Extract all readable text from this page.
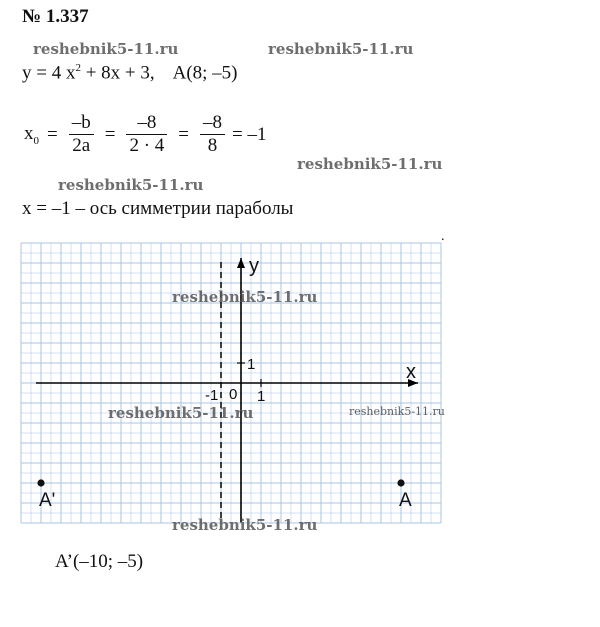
№ 1.337
reshebnik5-11.ru	reshebnik5-11.ru
y = 4 $x^2 + 8x + 3$,    A(8; –5)
$x_0 = \frac{-b}{2a} = \frac{-8}{2 \cdot 4} = \frac{-8}{8} = -1$
reshebnik5-11.ru
reshebnik5-11.ru
x = –1 – ось симметрии параболы
.
y
x
0 1
1
-1
A
A'
reshebnik5-11.ru
reshebnik5-11.ru	reshebnik5-11.ru
reshebnik5-11.ru
A’(–10; –5)
